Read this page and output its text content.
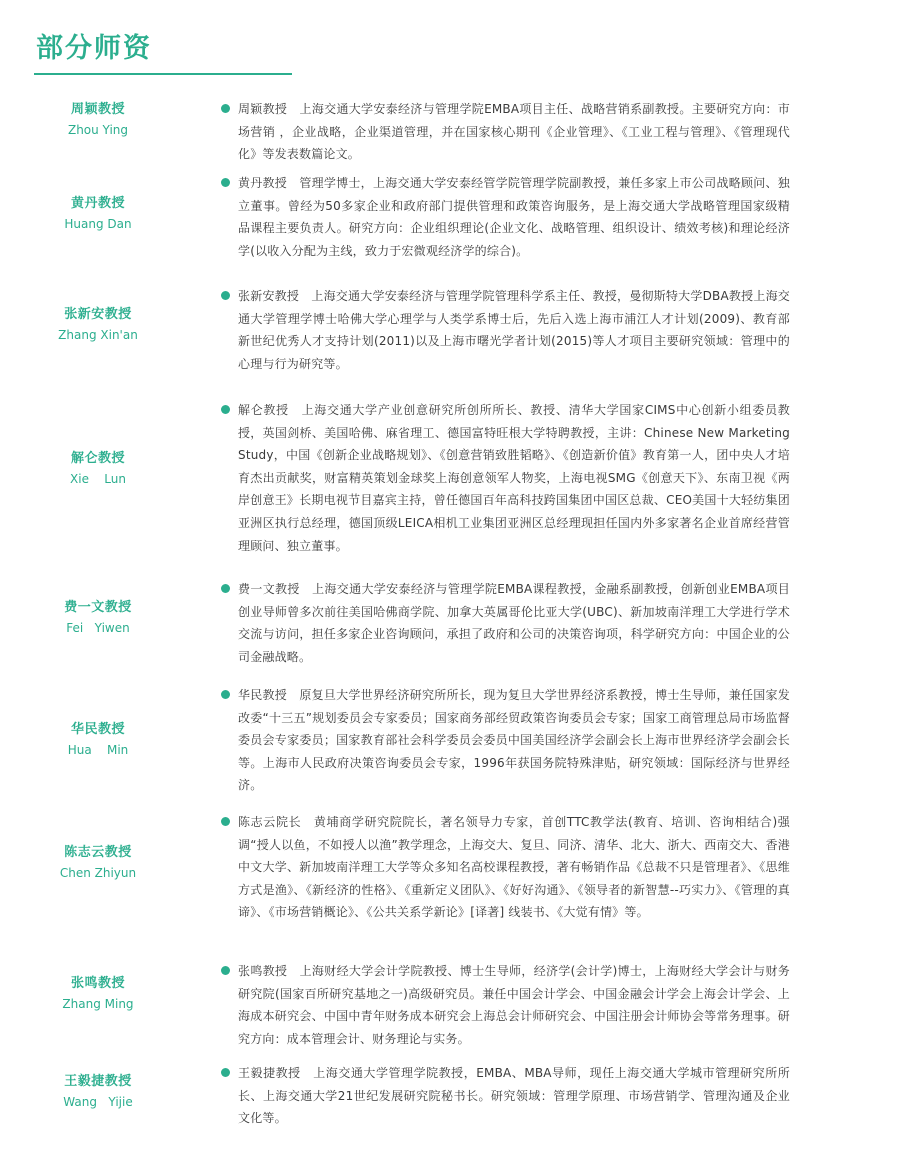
部分师资
周颖教授
Zhou Ying

周颖教授　上海交通大学安泰经济与管理学院EMBA项目主任、战略营销系副教授。主要研究方向：市场营销 ，企业战略，企业渠道管理，并在国家核心期刊《企业管理》、《工业工程与管理》、《管理现代化》等发表数篇论文。

黄丹教授
Huang Dan

黄丹教授　管理学博士，上海交通大学安泰经管学院管理学院副教授，兼任多家上市公司战略顾问、独立董事。曾经为50多家企业和政府部门提供管理和政策咨询服务，是上海交通大学战略管理国家级精品课程主要负责人。研究方向：企业组织理论(企业文化、战略管理、组织设计、绩效考核)和理论经济学(以收入分配为主线，致力于宏微观经济学的综合)。

张新安教授
Zhang Xin'an

张新安教授　上海交通大学安泰经济与管理学院管理科学系主任、教授，曼彻斯特大学DBA教授上海交通大学管理学博士哈佛大学心理学与人类学系博士后，先后入选上海市浦江人才计划(2009)、教育部新世纪优秀人才支持计划(2011)以及上海市曙光学者计划(2015)等人才项目主要研究领域：管理中的心理与行为研究等。

解仑教授
Xie    Lun

解仑教授　上海交通大学产业创意研究所创所所长、教授、清华大学国家CIMS中心创新小组委员教授，英国剑桥、美国哈佛、麻省理工、德国富特旺根大学特聘教授，主讲：Chinese New Marketing Study，中国《创新企业战略规划》、《创意营销致胜韬略》、《创造新价值》教育第一人，团中央人才培育杰出贡献奖，财富精英策划金球奖上海创意领军人物奖，上海电视SMG《创意天下》、东南卫视《两岸创意王》长期电视节目嘉宾主持，曾任德国百年高科技跨国集团中国区总裁、CEO美国十大轻纺集团亚洲区执行总经理，德国顶级LEICA相机工业集团亚洲区总经理现担任国内外多家著名企业首席经营管理顾问、独立董事。

费一文教授
Fei   Yiwen

费一文教授　上海交通大学安泰经济与管理学院EMBA课程教授，金融系副教授，创新创业EMBA项目创业导师曾多次前往美国哈佛商学院、加拿大英属哥伦比亚大学(UBC)、新加坡南洋理工大学进行学术交流与访问，担任多家企业咨询顾问，承担了政府和公司的决策咨询项，科学研究方向：中国企业的公司金融战略。

华民教授
Hua    Min

华民教授　原复旦大学世界经济研究所所长，现为复旦大学世界经济系教授，博士生导师，兼任国家发改委“十三五”规划委员会专家委员；国家商务部经贸政策咨询委员会专家；国家工商管理总局市场监督委员会专家委员；国家教育部社会科学委员会委员中国美国经济学会副会长上海市世界经济学会副会长等。上海市人民政府决策咨询委员会专家，1996年获国务院特殊津贴，研究领域：国际经济与世界经济。

陈志云教授
Chen Zhiyun

陈志云院长　黄埔商学研究院院长，著名领导力专家，首创TTC教学法(教育、培训、咨询相结合)强调“授人以鱼，不如授人以渔”教学理念，上海交大、复旦、同济、清华、北大、浙大、西南交大、香港中文大学、新加坡南洋理工大学等众多知名高校课程教授，著有畅销作品《总裁不只是管理者》、《思维方式是渔》、《新经济的性格》、《重新定义团队》、《好好沟通》、《领导者的新智慧--巧实力》、《管理的真谛》、《市场营销概论》、《公共关系学新论》[译著] 线装书、《大觉有情》等。

张鸣教授
Zhang Ming

张鸣教授　上海财经大学会计学院教授、博士生导师，经济学(会计学)博士，上海财经大学会计与财务研究院(国家百所研究基地之一)高级研究员。兼任中国会计学会、中国金融会计学会上海会计学会、上海成本研究会、中国中青年财务成本研究会上海总会计师研究会、中国注册会计师协会等常务理事。研究方向：成本管理会计、财务理论与实务。

王毅捷教授
Wang   Yijie

王毅捷教授　上海交通大学管理学院教授，EMBA、MBA导师，现任上海交通大学城市管理研究所所长、上海交通大学21世纪发展研究院秘书长。研究领域：管理学原理、市场营销学、管理沟通及企业文化等。
